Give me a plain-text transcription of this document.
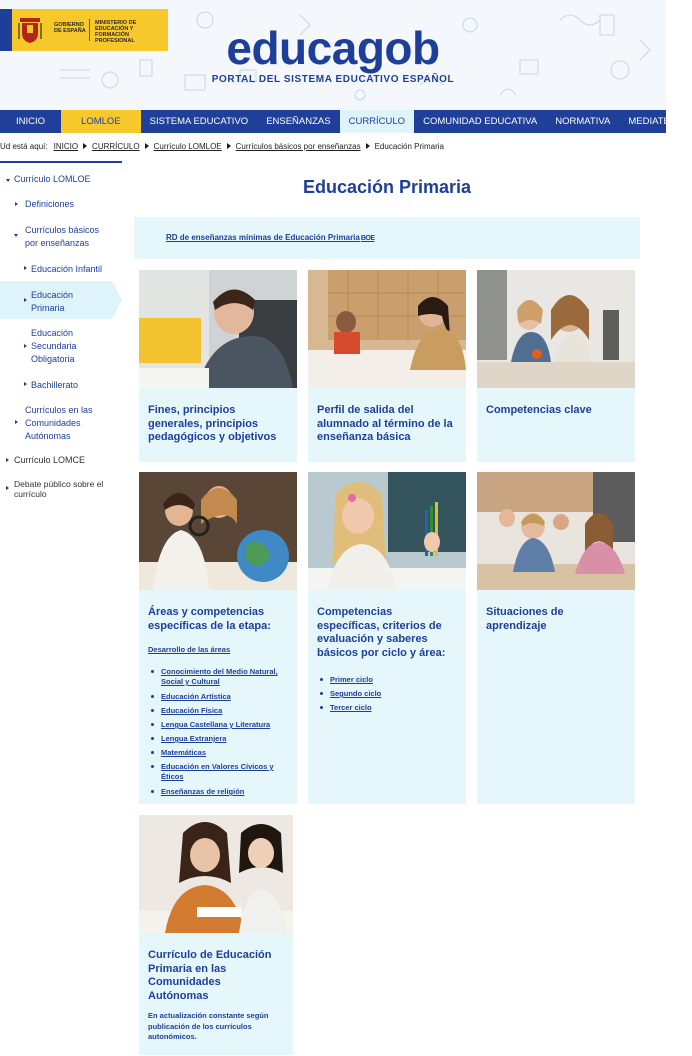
GOBIERNO DE ESPAÑA
MINISTERIO DE EDUCACIÓN Y FORMACIÓN PROFESIONAL	educagob
PORTAL DEL SISTEMA EDUCATIVO ESPAÑOL
INICIO	LOMLOE	SISTEMA EDUCATIVO	ENSEÑANZAS	CURRÍCULO	COMUNIDAD EDUCATIVA	NORMATIVA	MEDIATECA
Ud está aquí: INICIO CURRÍCULO Currículo LOMLOE Currículos básicos por enseñanzas Educación Primaria
Currículo LOMLOE
Definiciones
Currículos básicos
por enseñanzas
Educación Infantil
Educación
Primaria
Educación
Secundaria
Obligatoria
Bachillerato
Currículos en las
Comunidades
Autónomas
Currículo LOMCE
Debate público sobre el
currículo
Educación Primaria
RD de enseñanzas mínimas de Educación PrimariaBOE
Fines, principios
generales, principios
pedagógicos y objetivos
Perfil de salida del
alumnado al término de la
enseñanza básica
Competencias clave
Áreas y competencias
específicas de la etapa:
Desarrollo de las áreas
Conocimiento del Medio Natural,
Social y Cultural
Educación Artística
Educación Física
Lengua Castellana y Literatura
Lengua Extranjera
Matemáticas
Educación en Valores Cívicos y
Éticos
Enseñanzas de religión
Competencias
específicas, criterios de
evaluación y saberes
básicos por ciclo y área:
Primer ciclo
Segundo ciclo
Tercer ciclo
Situaciones de
aprendizaje
Currículo de Educación
Primaria en las
Comunidades
Autónomas
En actualización constante según
publicación de los currículos
autonómicos.
